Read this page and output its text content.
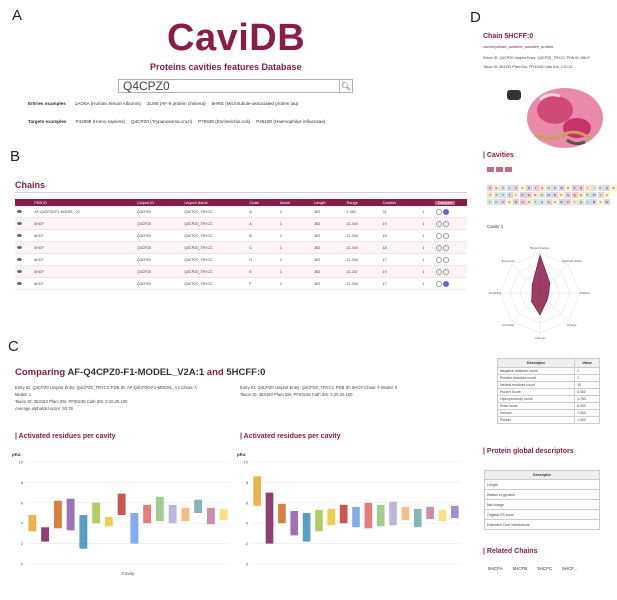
A
B
C
D
CaviDB
Proteins cavities features Database
Q4CPZ0	🔍︎
Entries examples 1AO6A (Human Serum Albumin) 2LM0 (AF-9 protein chimera) 6HRE (Microtubule-associated protein tau)
Targets examples P42898 (Homo sapiens) Q4CPZ0 (Trypanosoma cruzi) P76630 (Escherichia coli) P45180 (Haemophilus influenzae)
Chains
	PDB ID	Uniprot ID	Uniprot Name	Chain	Model	Length	Range	Cavities		Compare
	AF-Q4CPZ0-F1-MODEL_V2	Q4CPZ0	Q4CPZ0_TRYCC	A	1	363	1-363	31	1	
	5HCF	Q4CPZ0	Q4CPZ0_TRYCC	A	1	363	21-344	19	1	
	5HCF	Q4CPZ0	Q4CPZ0_TRYCC	B	1	363	21-344	18	1	
	5HCF	Q4CPZ0	Q4CPZ0_TRYCC	C	1	363	21-344	18	1	
	5HCF	Q4CPZ0	Q4CPZ0_TRYCC	D	1	363	21-344	17	1	
	5HCF	Q4CPZ0	Q4CPZ0_TRYCC	E	1	363	21-347	19	1	
	5HCF	Q4CPZ0	Q4CPZ0_TRYCC	F	1	363	21-344	17	1	
Comparing AF-Q4CPZ0-F1-MODEL_V2A:1 and 5HCFF:0
Entry ID: Q4CPZ0 Uniprot Entry: Q4CPZ0_TRYCC PDB ID: AF-Q4CPZ0-F1-MODEL_V2 Chain: A
Model: 1
Taxon ID: 353153 Pfam IDs: PF00248 Cath IDs: 3.20.20.100
Average alphafold score: 93.78
Entry ID: Q4CPZ0 Uniprot Entry: Q4CPZ0_TRYCC PDB ID: 5HCF Chain: F Model: 0
Taxon ID: 353153 Pfam IDs: PF00248 Cath IDs: 3.20.20.100
| Activated residues per cavity	| Activated residues per cavity
pKa
0
2
4
6
8
10
Cavity
pKa
0
2
4
6
8
10
Chain 5HCFF:0
carbohydrate, putative, putative, protein
Entrer ID: Q4CPZ0 Uniprot Entry: Q4CPZ0_TRYCC PDB ID: 5HCF
Taxon ID: 353153 Pfam IDs: PF00248 Cath IDs: 3.20.20
| Cavities
K E V L A F D T G N S W R P Q Y I K H E
V A Y T L K D E S M R P N Q G F W I C
L K V E D N S T A G H R P Y Q I M F W
Cavity 1
Buried fraction
Hydrophobicity
Polarity
Charge
Volume
Aromatic
Flexibility
Exposure
Descriptor	Value
Negative residues count	2
Positive residues count	2
Neutral residues count	10
Pocket Score	4.302
Hydrophobicity score	1.753
Polar score	6.000
Volume	1.000
Pocket	1.000
| Protein global descriptors
Descriptor
Length
Radius of gyration
Net charge
Original SS score
Extended Core Interactions
| Related Chains
5HCFA 5HCFB 5HCFC 5HCF...
